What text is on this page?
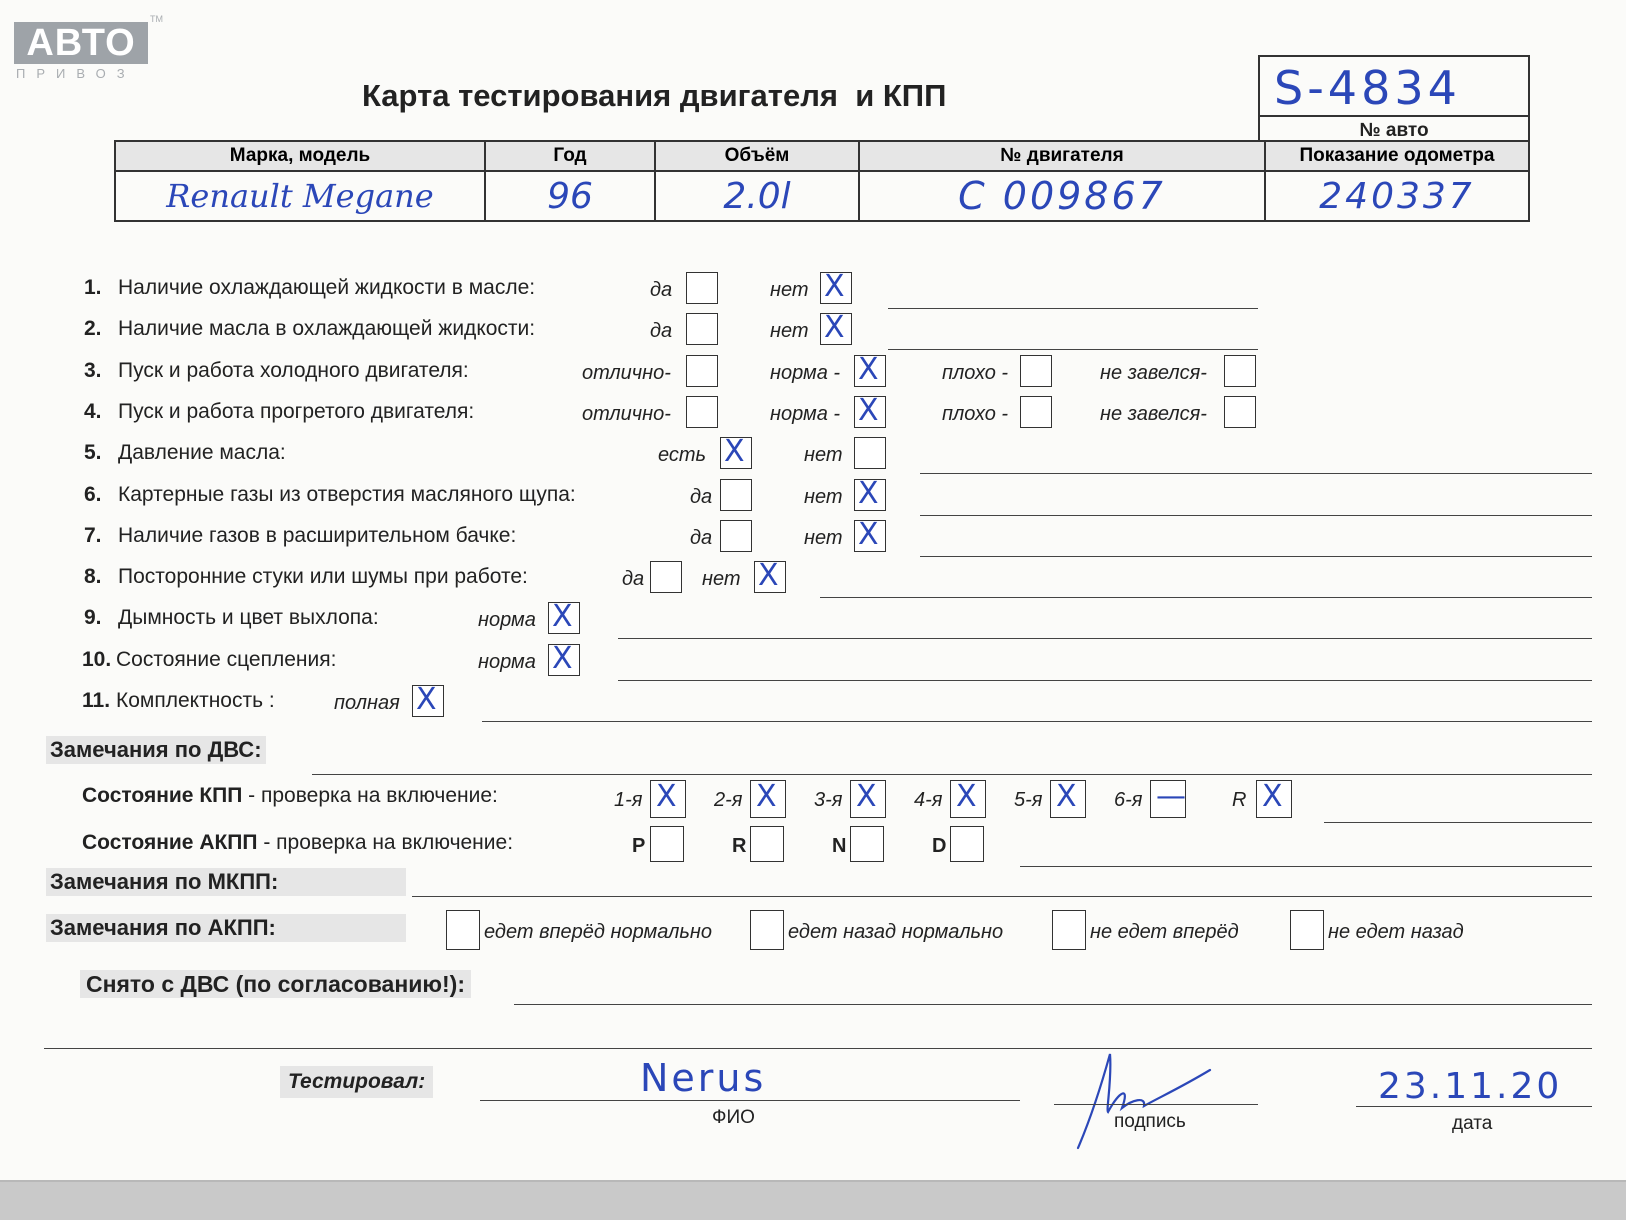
АВТО
ПРИВОЗ
TM
Карта тестирования двигателя  и КПП	S-4834
№ авто
Марка, модель	Год	Объём	№ двигателя	Показание одометра
Renault Megane	96	2.0l	C 009867	240337
Замечания по ДВС:
Состояние КПП - проверка на включение:
Состояние АКПП - проверка на включение:
Замечания по МКПП:
Замечания по АКПП:
Снято с ДВС (по согласованию!):
Тестировал:	Nerus
ФИО	подпись
23.11.20
дата
1. Наличие охлаждающей жидкости в масле:	да	нет X
2. Наличие масла в охлаждающей жидкости:	да	нет X
3. Пуск и работа холодного двигателя:	отлично-	норма - X	плохо -	не завелся-
4. Пуск и работа прогретого двигателя:	отлично-	норма - X	плохо -	не завелся-
5. Давление масла:	есть X	нет
6. Картерные газы из отверстия масляного щупа:	да	нет X
7. Наличие газов в расширительном бачке:	да	нет X
8. Посторонние стуки или шумы при работе:	да	нет X
9. Дымность и цвет выхлопа:	норма X
10. Состояние сцепления:	норма X
11. Комплектность :	полная X
1-я X 2-я X 3-я X 4-я X 5-я X 6-я — R X
P	R	N	D
едет вперёд нормально	едет назад нормально	не едет вперёд	не едет назад
